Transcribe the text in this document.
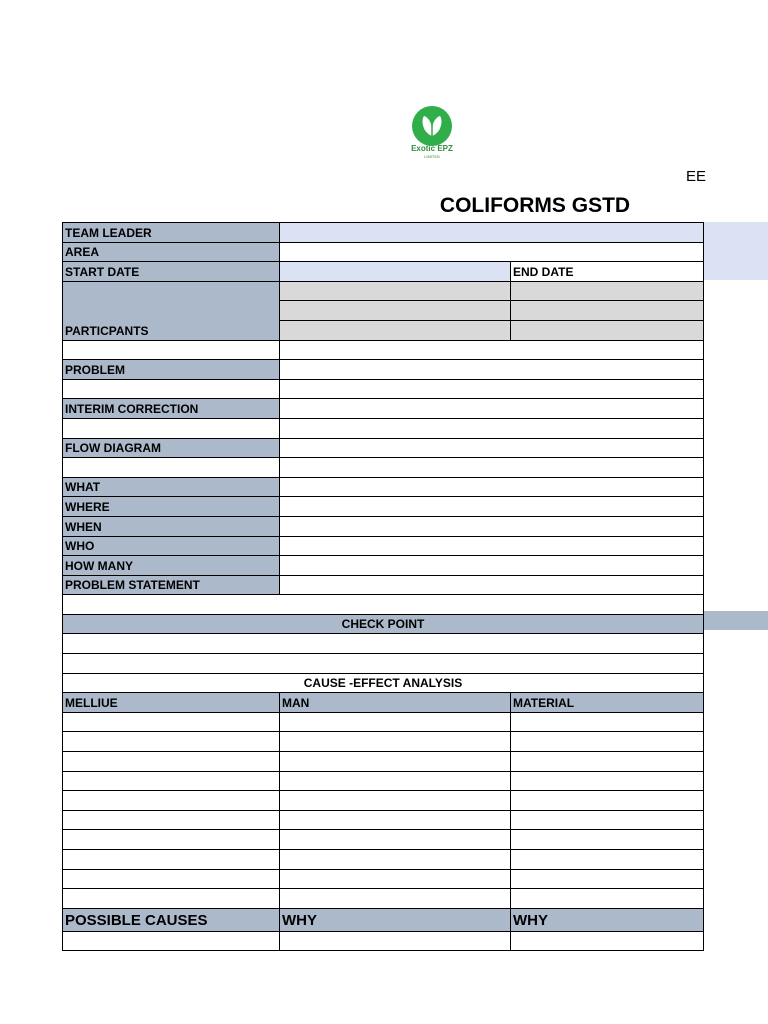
Exotic EPZ
LIMITED
EE
COLIFORMS GSTD
TEAM LEADER		
AREA		
START DATE		END DATE
PARTICPANTS		

PROBLEM		

INTERIM CORRECTION		

FLOW DIAGRAM		

WHAT		
WHERE		
WHEN		
WHO		
HOW MANY		
PROBLEM STATEMENT		

CHECK POINT		

CAUSE -EFFECT ANALYSIS		
MELLIUE	MAN	MATERIAL

POSSIBLE CAUSES	WHY	WHY
